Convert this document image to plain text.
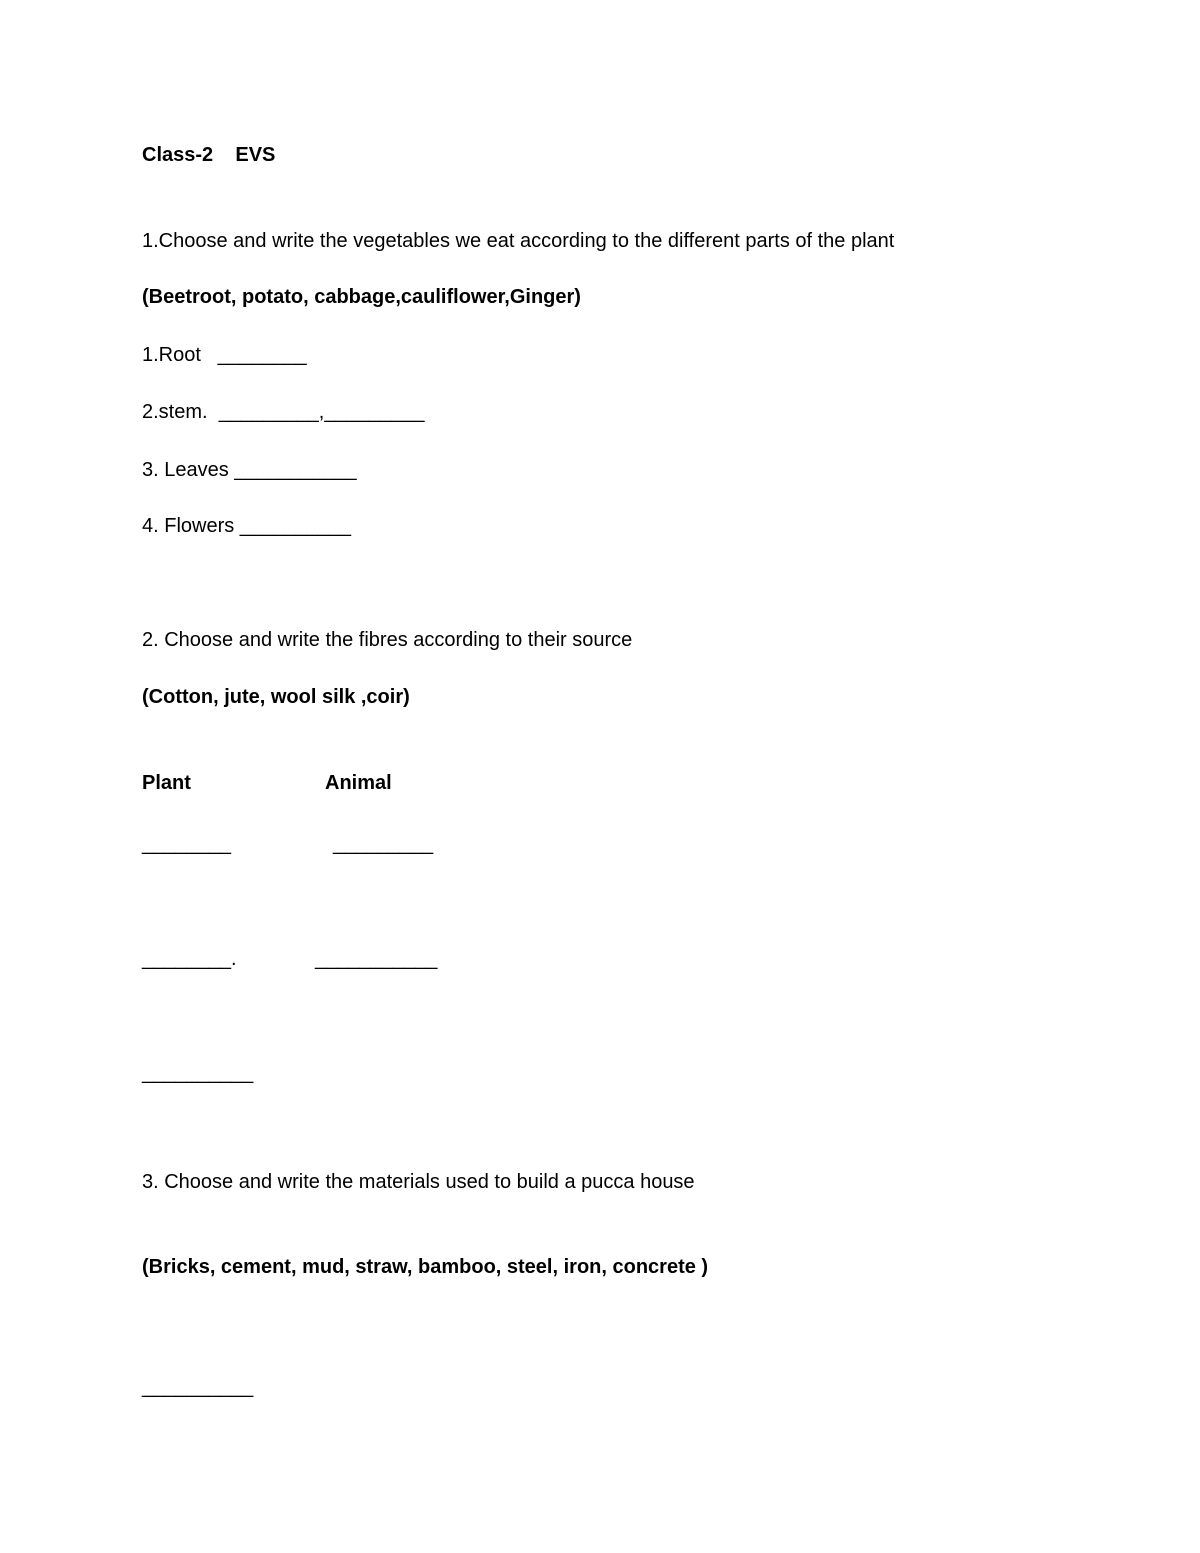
Class-2    EVS
1.Choose and write the vegetables we eat according to the different parts of the plant
(Beetroot, potato, cabbage,cauliflower,Ginger)
1.Root   ________
2.stem.  _________,_________
3. Leaves ___________
4. Flowers __________
2. Choose and write the fibres according to their source
(Cotton, jute, wool silk ,coir)
Plant	Animal
________	_________
________.	___________
__________
3. Choose and write the materials used to build a pucca house
(Bricks, cement, mud, straw, bamboo, steel, iron, concrete )
__________
